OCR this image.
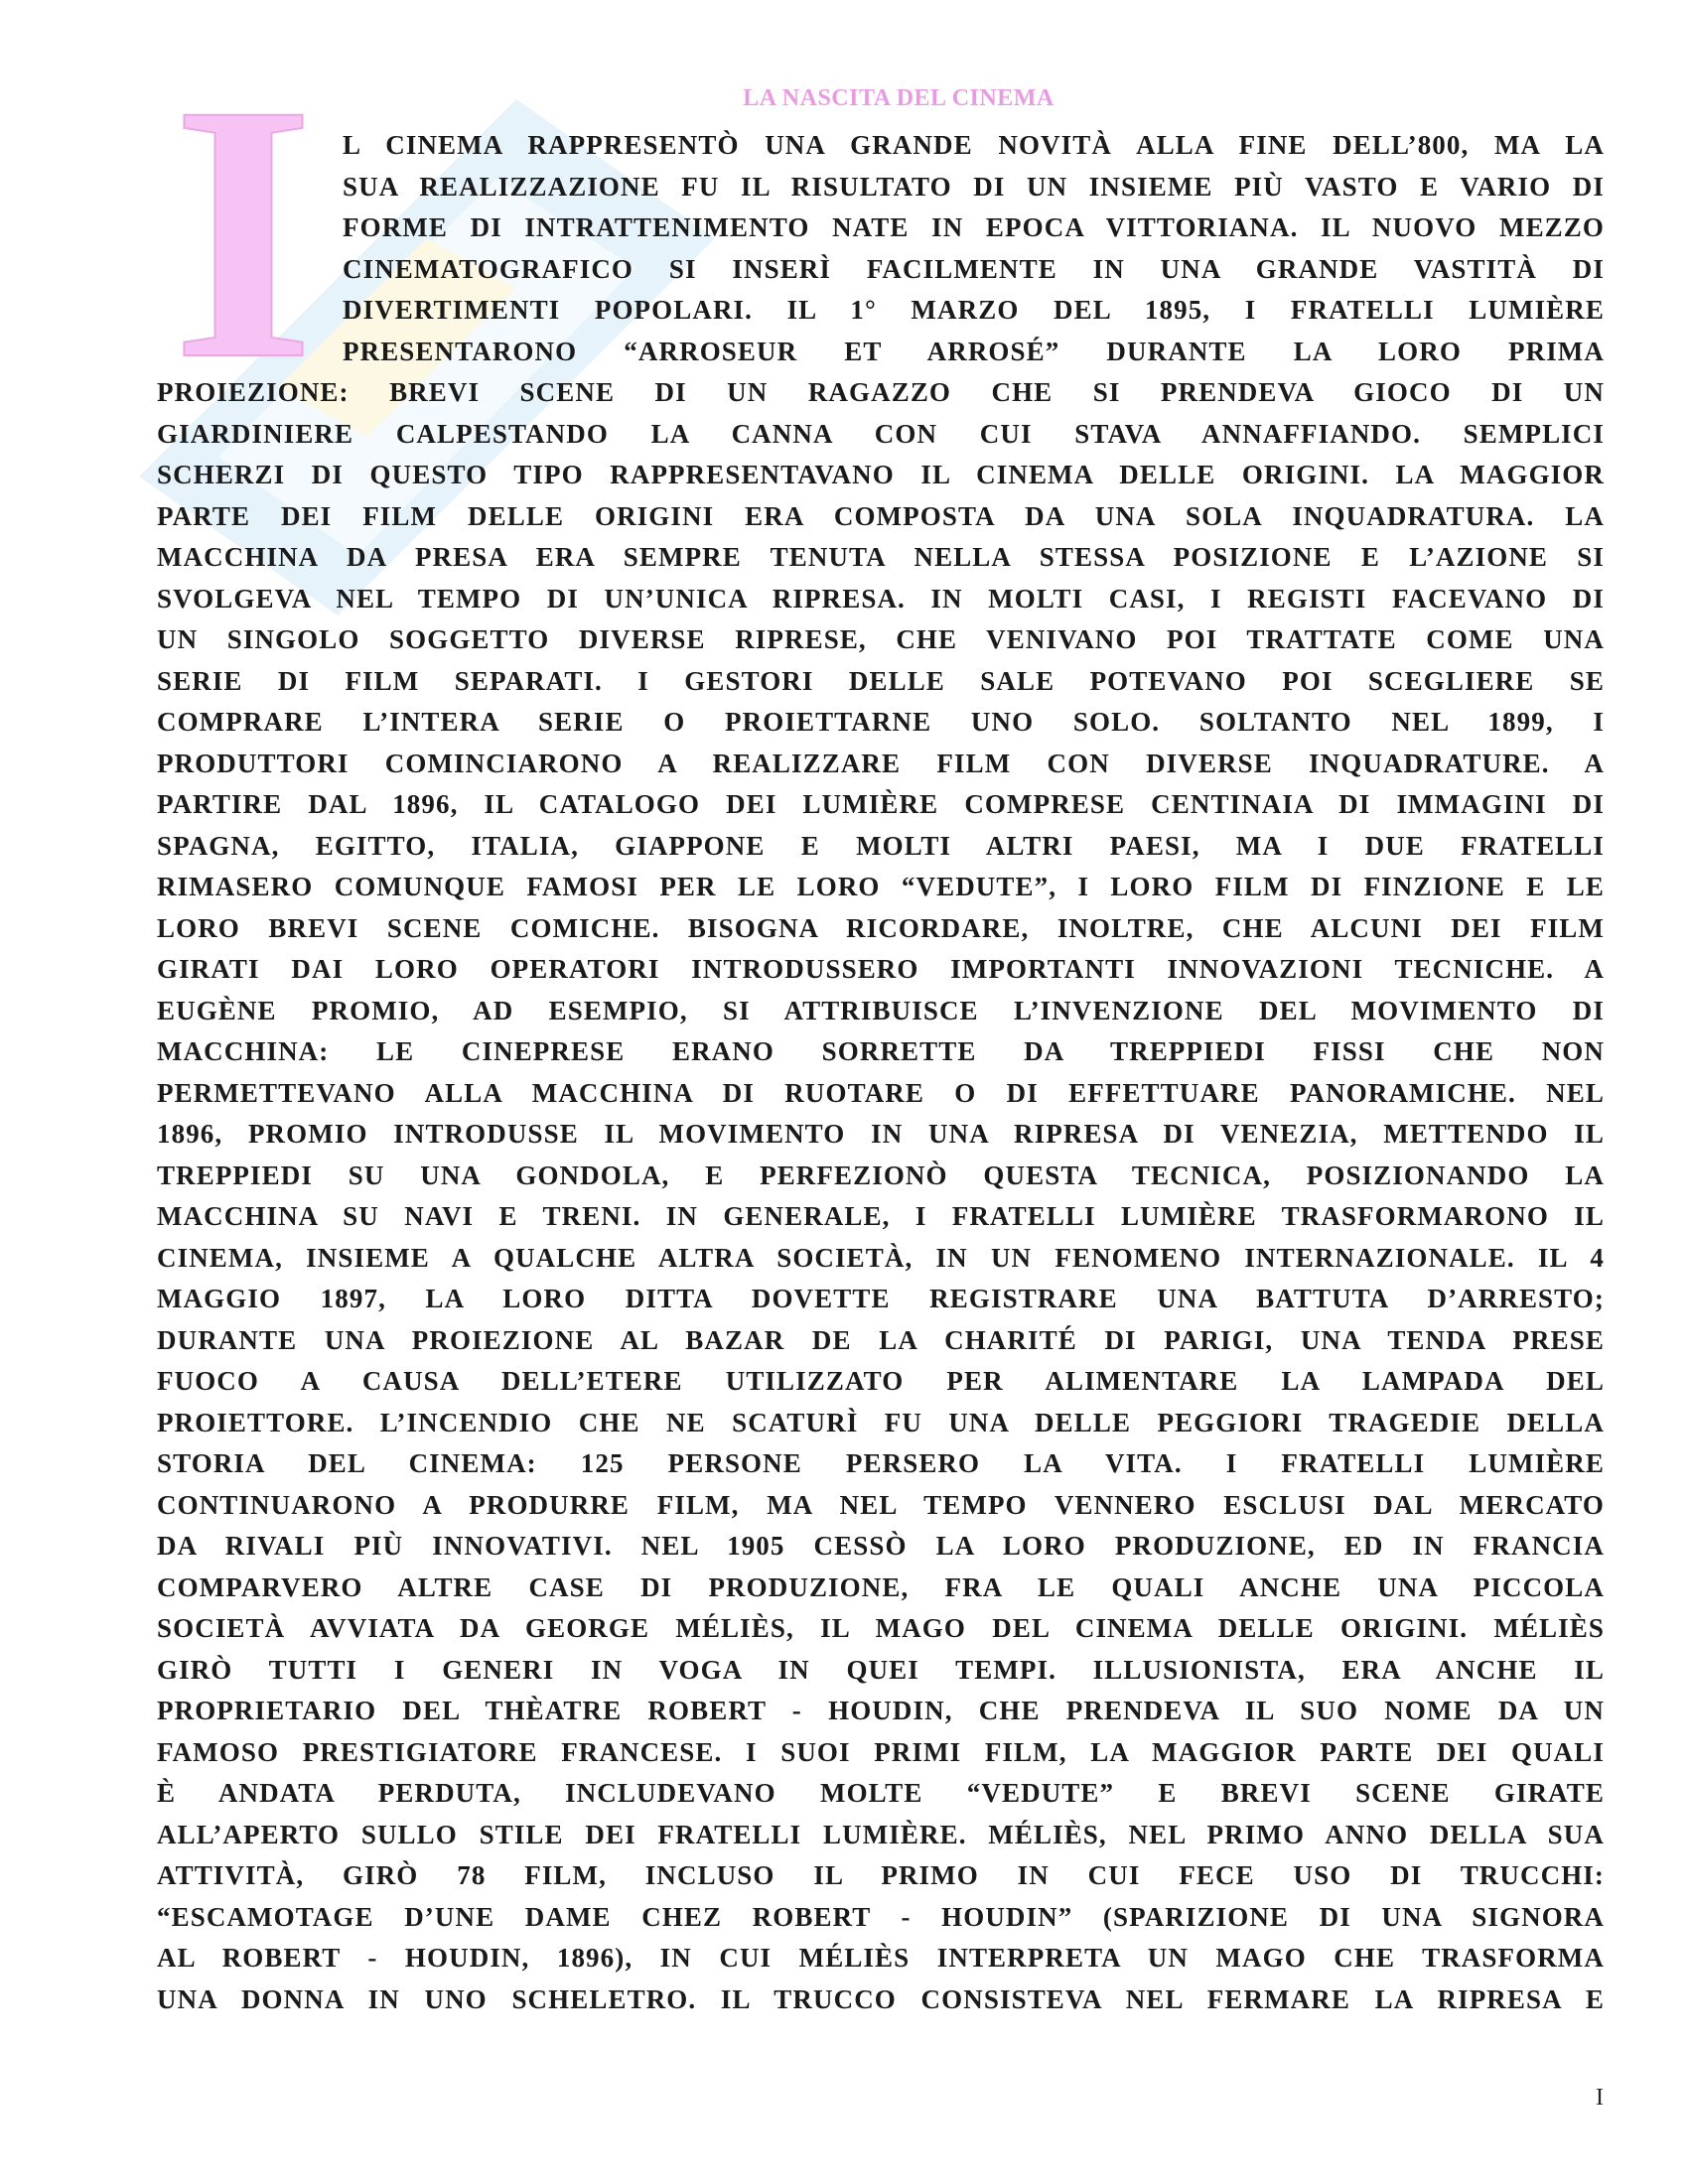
LA NASCITA DEL CINEMA
I	L CINEMA RAPPRESENTÒ UNA GRANDE NOVITÀ ALLA FINE DELL’800, MA LA
SUA REALIZZAZIONE FU IL RISULTATO DI UN INSIEME PIÙ VASTO E VARIO DI
FORME DI INTRATTENIMENTO NATE IN EPOCA VITTORIANA. IL NUOVO MEZZO
CINEMATOGRAFICO SI INSERÌ FACILMENTE IN UNA GRANDE VASTITÀ DI
DIVERTIMENTI POPOLARI. IL 1° MARZO DEL 1895, I FRATELLI LUMIÈRE
PRESENTARONO “ARROSEUR ET ARROSÉ” DURANTE LA LORO PRIMA
PROIEZIONE: BREVI SCENE DI UN RAGAZZO CHE SI PRENDEVA GIOCO DI UN
GIARDINIERE CALPESTANDO LA CANNA CON CUI STAVA ANNAFFIANDO. SEMPLICI
SCHERZI DI QUESTO TIPO RAPPRESENTAVANO IL CINEMA DELLE ORIGINI. LA MAGGIOR
PARTE DEI FILM DELLE ORIGINI ERA COMPOSTA DA UNA SOLA INQUADRATURA. LA
MACCHINA DA PRESA ERA SEMPRE TENUTA NELLA STESSA POSIZIONE E L’AZIONE SI
SVOLGEVA NEL TEMPO DI UN’UNICA RIPRESA. IN MOLTI CASI, I REGISTI FACEVANO DI
UN SINGOLO SOGGETTO DIVERSE RIPRESE, CHE VENIVANO POI TRATTATE COME UNA
SERIE DI FILM SEPARATI. I GESTORI DELLE SALE POTEVANO POI SCEGLIERE SE
COMPRARE L’INTERA SERIE O PROIETTARNE UNO SOLO. SOLTANTO NEL 1899, I
PRODUTTORI COMINCIARONO A REALIZZARE FILM CON DIVERSE INQUADRATURE. A
PARTIRE DAL 1896, IL CATALOGO DEI LUMIÈRE COMPRESE CENTINAIA DI IMMAGINI DI
SPAGNA, EGITTO, ITALIA, GIAPPONE E MOLTI ALTRI PAESI, MA I DUE FRATELLI
RIMASERO COMUNQUE FAMOSI PER LE LORO “VEDUTE”, I LORO FILM DI FINZIONE E LE
LORO BREVI SCENE COMICHE. BISOGNA RICORDARE, INOLTRE, CHE ALCUNI DEI FILM
GIRATI DAI LORO OPERATORI INTRODUSSERO IMPORTANTI INNOVAZIONI TECNICHE. A
EUGÈNE PROMIO, AD ESEMPIO, SI ATTRIBUISCE L’INVENZIONE DEL MOVIMENTO DI
MACCHINA: LE CINEPRESE ERANO SORRETTE DA TREPPIEDI FISSI CHE NON
PERMETTEVANO ALLA MACCHINA DI RUOTARE O DI EFFETTUARE PANORAMICHE. NEL
1896, PROMIO INTRODUSSE IL MOVIMENTO IN UNA RIPRESA DI VENEZIA, METTENDO IL
TREPPIEDI SU UNA GONDOLA, E PERFEZIONÒ QUESTA TECNICA, POSIZIONANDO LA
MACCHINA SU NAVI E TRENI. IN GENERALE, I FRATELLI LUMIÈRE TRASFORMARONO IL
CINEMA, INSIEME A QUALCHE ALTRA SOCIETÀ, IN UN FENOMENO INTERNAZIONALE. IL 4
MAGGIO 1897, LA LORO DITTA DOVETTE REGISTRARE UNA BATTUTA D’ARRESTO;
DURANTE UNA PROIEZIONE AL BAZAR DE LA CHARITÉ DI PARIGI, UNA TENDA PRESE
FUOCO A CAUSA DELL’ETERE UTILIZZATO PER ALIMENTARE LA LAMPADA DEL
PROIETTORE. L’INCENDIO CHE NE SCATURÌ FU UNA DELLE PEGGIORI TRAGEDIE DELLA
STORIA DEL CINEMA: 125 PERSONE PERSERO LA VITA. I FRATELLI LUMIÈRE
CONTINUARONO A PRODURRE FILM, MA NEL TEMPO VENNERO ESCLUSI DAL MERCATO
DA RIVALI PIÙ INNOVATIVI. NEL 1905 CESSÒ LA LORO PRODUZIONE, ED IN FRANCIA
COMPARVERO ALTRE CASE DI PRODUZIONE, FRA LE QUALI ANCHE UNA PICCOLA
SOCIETÀ AVVIATA DA GEORGE MÉLIÈS, IL MAGO DEL CINEMA DELLE ORIGINI. MÉLIÈS
GIRÒ TUTTI I GENERI IN VOGA IN QUEI TEMPI. ILLUSIONISTA, ERA ANCHE IL
PROPRIETARIO DEL THÈATRE ROBERT - HOUDIN, CHE PRENDEVA IL SUO NOME DA UN
FAMOSO PRESTIGIATORE FRANCESE. I SUOI PRIMI FILM, LA MAGGIOR PARTE DEI QUALI
È ANDATA PERDUTA, INCLUDEVANO MOLTE “VEDUTE” E BREVI SCENE GIRATE
ALL’APERTO SULLO STILE DEI FRATELLI LUMIÈRE. MÉLIÈS, NEL PRIMO ANNO DELLA SUA
ATTIVITÀ, GIRÒ 78 FILM, INCLUSO IL PRIMO IN CUI FECE USO DI TRUCCHI:
“ESCAMOTAGE D’UNE DAME CHEZ ROBERT - HOUDIN” (SPARIZIONE DI UNA SIGNORA
AL ROBERT - HOUDIN, 1896), IN CUI MÉLIÈS INTERPRETA UN MAGO CHE TRASFORMA
UNA DONNA IN UNO SCHELETRO. IL TRUCCO CONSISTEVA NEL FERMARE LA RIPRESA E
I
